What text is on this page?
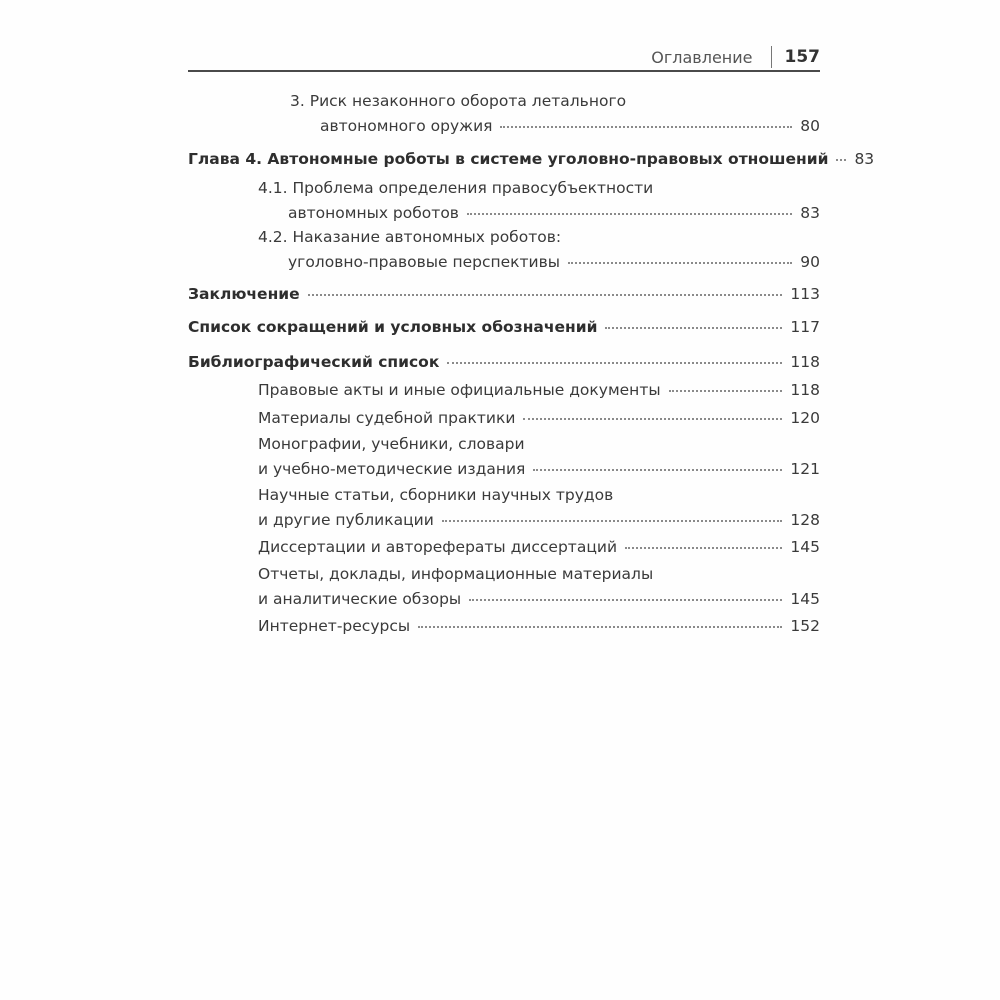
Оглавление 157
3. Риск незаконного оборота летального
автономного оружия	80
Глава 4. Автономные роботы в системе уголовно-правовых отношений 83
4.1. Проблема определения правосубъектности
автономных роботов	83
4.2. Наказание автономных роботов:
уголовно-правовые перспективы	90
Заключение	113
Список сокращений и условных обозначений	117
Библиографический список	118
Правовые акты и иные официальные документы	118
Материалы судебной практики	120
Монографии, учебники, словари
и учебно-методические издания	121
Научные статьи, сборники научных трудов
и другие публикации	128
Диссертации и авторефераты диссертаций	145
Отчеты, доклады, информационные материалы
и аналитические обзоры	145
Интернет-ресурсы	152
